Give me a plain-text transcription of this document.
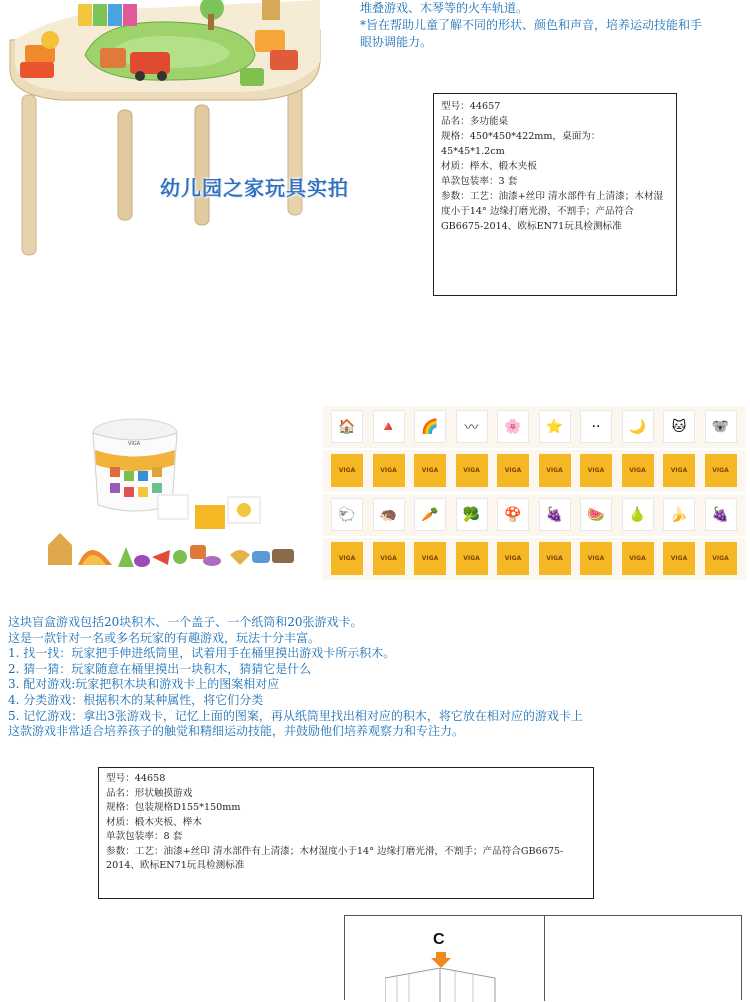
堆叠游戏、木琴等的火车轨道。
*旨在帮助儿童了解不同的形状、颜色和声音，培养运动技能和手
眼协调能力。
幼儿园之家玩具实拍
型号：44657
品名：多功能桌
规格：450*450*422mm，桌面为：
45*45*1.2cm
材质：榉木、椴木夹板
单款包装率：3 套
参数：工艺：油漆+丝印 清水部件有上清漆；木材湿度小于14° 边缘打磨光滑，不割手；产品符合GB6675-2014、欧标EN71玩具检测标准
VIGA
🏠	🔺	🌈	〰	🌸	⭐	··	🌙	🐱	🐨
VIGA	VIGA	VIGA	VIGA	VIGA	VIGA	VIGA	VIGA	VIGA	VIGA
🐑	🦔	🥕	🥦	🍄	🍇	🍉	🍐	🍌	🍇
VIGA	VIGA	VIGA	VIGA	VIGA	VIGA	VIGA	VIGA	VIGA	VIGA
这块盲盒游戏包括20块积木、一个盖子、一个纸筒和20张游戏卡。
这是一款针对一名或多名玩家的有趣游戏，玩法十分丰富。
1. 找一找：玩家把手伸进纸筒里，试着用手在桶里摸出游戏卡所示积木。
2. 猜一猜：玩家随意在桶里摸出一块积木，猜猜它是什么
3. 配对游戏:玩家把积木块和游戏卡上的图案相对应
4. 分类游戏：根据积木的某种属性，将它们分类
5. 记忆游戏：拿出3张游戏卡，记忆上面的图案，再从纸筒里找出相对应的积木，将它放在相对应的游戏卡上
这款游戏非常适合培养孩子的触觉和精细运动技能，并鼓励他们培养观察力和专注力。
型号：44658
品名：形状触摸游戏
规格：包装规格D155*150mm
材质：椴木夹板、榉木
单款包装率：8 套
参数：工艺：油漆+丝印 清水部件有上清漆；木材湿度小于14° 边缘打磨光滑，不割手；产品符合GB6675-2014、欧标EN71玩具检测标准
C
